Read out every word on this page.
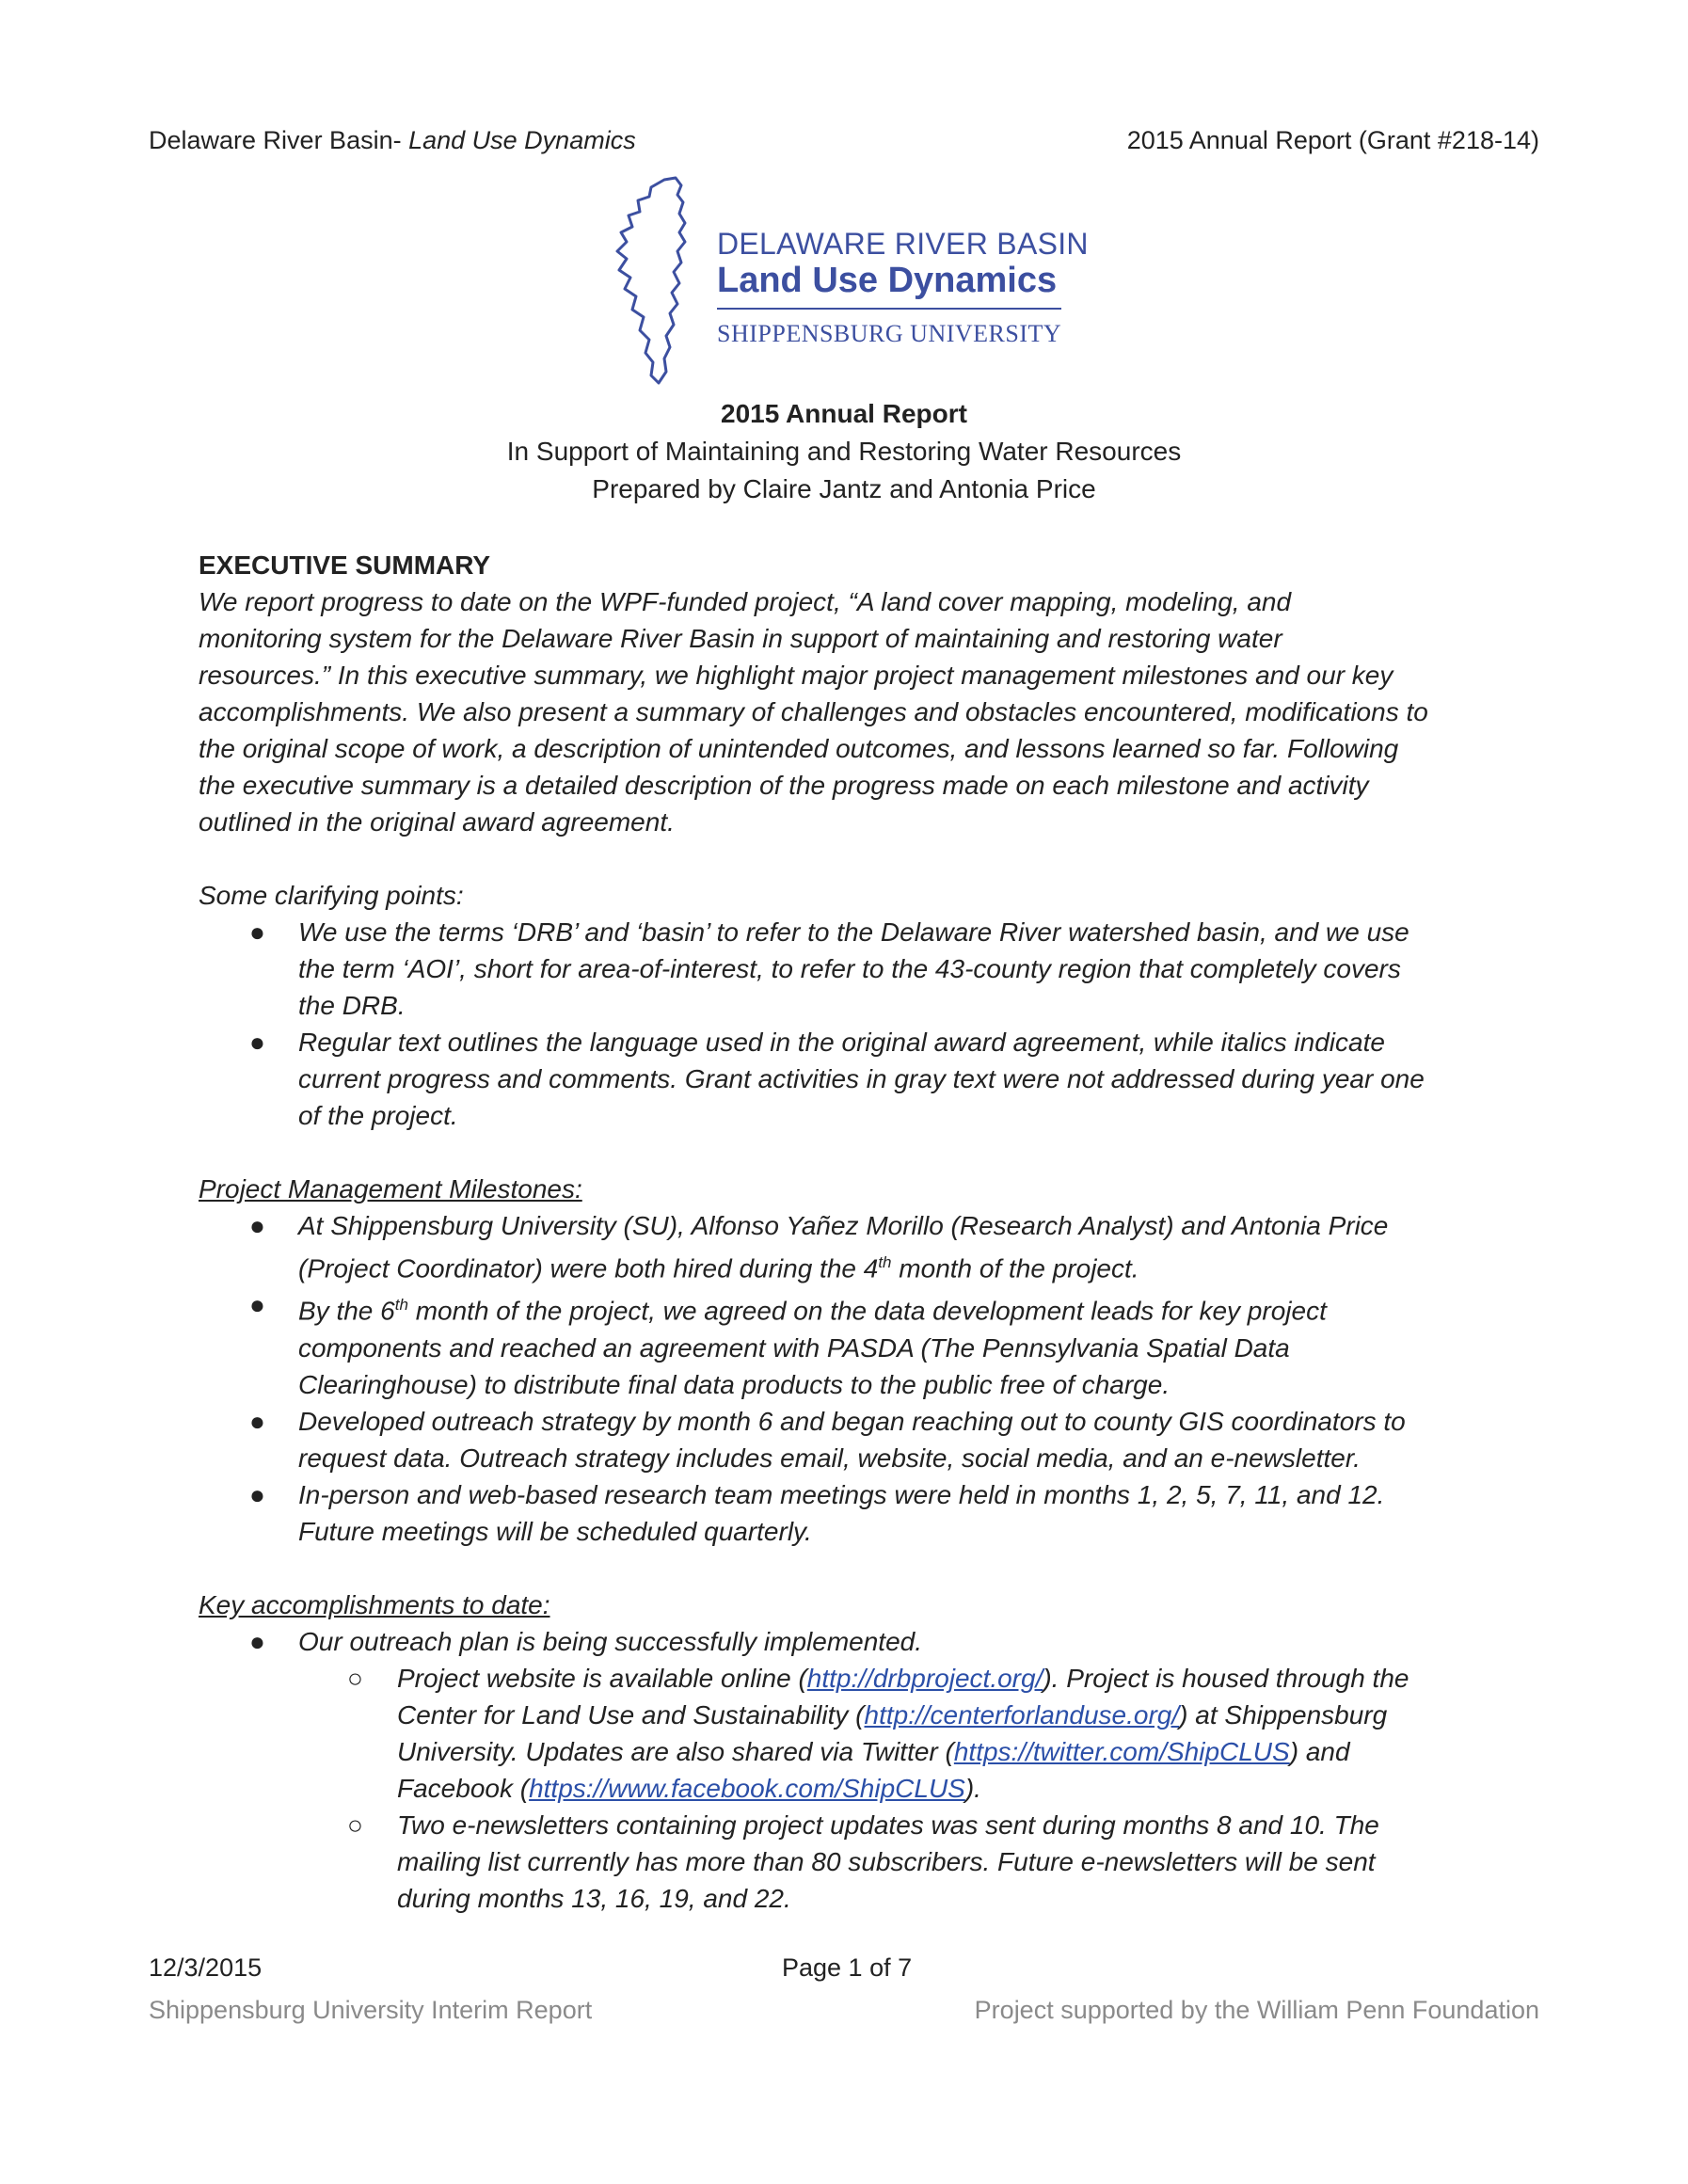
Delaware River Basin- Land Use Dynamics	2015 Annual Report (Grant #218-14)
DELAWARE RIVER BASIN
Land Use Dynamics
SHIPPENSBURG UNIVERSITY
2015 Annual Report
In Support of Maintaining and Restoring Water Resources
Prepared by Claire Jantz and Antonia Price
EXECUTIVE SUMMARY
We report progress to date on the WPF-funded project, “A land cover mapping, modeling, and
monitoring system for the Delaware River Basin in support of maintaining and restoring water
resources.” In this executive summary, we highlight major project management milestones and our key
accomplishments. We also present a summary of challenges and obstacles encountered, modifications to
the original scope of work, a description of unintended outcomes, and lessons learned so far. Following
the executive summary is a detailed description of the progress made on each milestone and activity
outlined in the original award agreement.
Some clarifying points:
● We use the terms ‘DRB’ and ‘basin’ to refer to the Delaware River watershed basin, and we use
the term ‘AOI’, short for area-of-interest, to refer to the 43-county region that completely covers
the DRB.
● Regular text outlines the language used in the original award agreement, while italics indicate
current progress and comments. Grant activities in gray text were not addressed during year one
of the project.
Project Management Milestones:
● At Shippensburg University (SU), Alfonso Yañez Morillo (Research Analyst) and Antonia Price
(Project Coordinator) were both hired during the 4th month of the project.
● By the 6th month of the project, we agreed on the data development leads for key project
components and reached an agreement with PASDA (The Pennsylvania Spatial Data
Clearinghouse) to distribute final data products to the public free of charge.
● Developed outreach strategy by month 6 and began reaching out to county GIS coordinators to
request data. Outreach strategy includes email, website, social media, and an e-newsletter.
● In-person and web-based research team meetings were held in months 1, 2, 5, 7, 11, and 12.
Future meetings will be scheduled quarterly.
Key accomplishments to date:
● Our outreach plan is being successfully implemented.
○ Project website is available online (http://drbproject.org/). Project is housed through the
Center for Land Use and Sustainability (http://centerforlanduse.org/) at Shippensburg
University. Updates are also shared via Twitter (https://twitter.com/ShipCLUS) and
Facebook (https://www.facebook.com/ShipCLUS).
○ Two e-newsletters containing project updates was sent during months 8 and 10. The
mailing list currently has more than 80 subscribers. Future e-newsletters will be sent
during months 13, 16, 19, and 22.
12/3/2015	Page 1 of 7
Shippensburg University Interim Report	Project supported by the William Penn Foundation
